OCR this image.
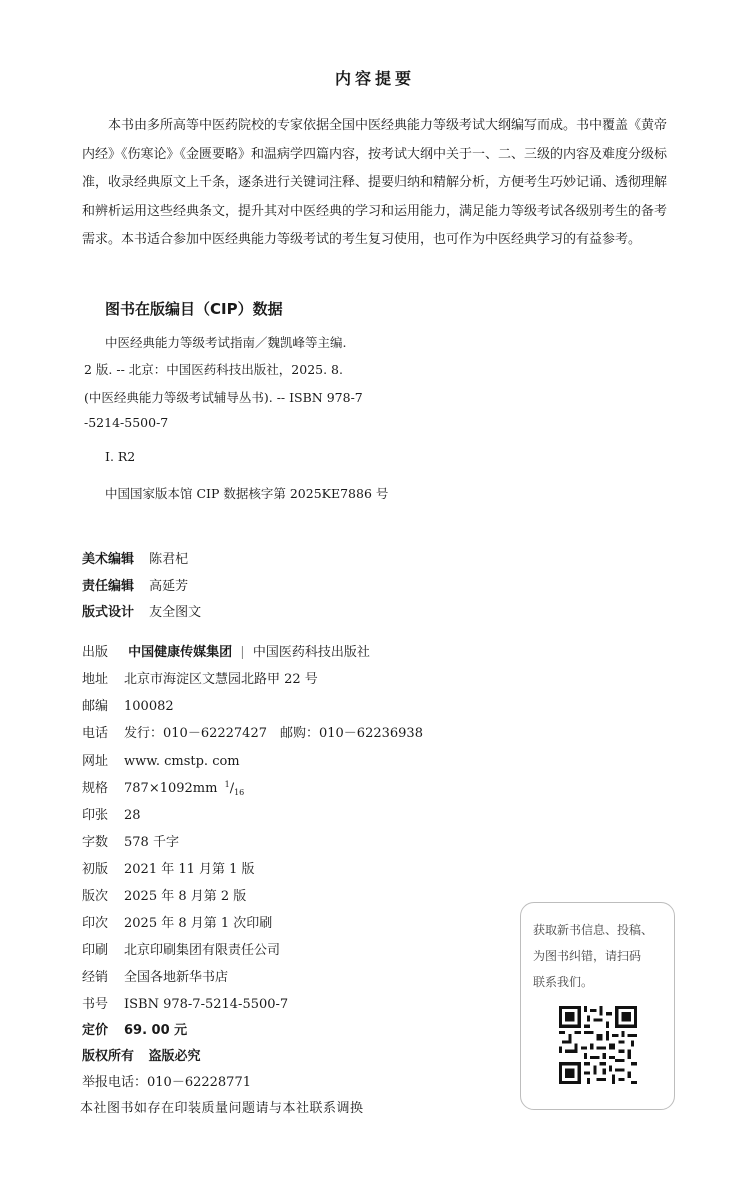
内容提要
本书由多所高等中医药院校的专家依据全国中医经典能力等级考试大纲编写而成。书中覆盖《黄帝
内经》《伤寒论》《金匮要略》和温病学四篇内容，按考试大纲中关于一、二、三级的内容及难度分级标
准，收录经典原文上千条，逐条进行关键词注释、提要归纳和精解分析，方便考生巧妙记诵、透彻理解
和辨析运用这些经典条文，提升其对中医经典的学习和运用能力，满足能力等级考试各级别考生的备考
需求。本书适合参加中医经典能力等级考试的考生复习使用，也可作为中医经典学习的有益参考。
图书在版编目（CIP）数据
中医经典能力等级考试指南／魏凯峰等主编.
2 版. -- 北京：中国医药科技出版社，2025. 8.
(中医经典能力等级考试辅导丛书). -- ISBN 978-7
-5214-5500-7
Ⅰ. R2
中国国家版本馆 CIP 数据核字第 2025KE7886 号
美术编辑 陈君杞
责任编辑 高延芳
版式设计 友全图文
出版 中国健康传媒集团 | 中国医药科技出版社
地址 北京市海淀区文慧园北路甲 22 号
邮编 100082
电话 发行：010－62227427　邮购：010－62236938
网址 www. cmstp. com
规格 787×1092mm $^1/_{16}$
印张 28
字数 578 千字
初版 2021 年 11 月第 1 版
版次 2025 年 8 月第 2 版
印次 2025 年 8 月第 1 次印刷
印刷 北京印刷集团有限责任公司
经销 全国各地新华书店
书号 ISBN 978-7-5214-5500-7
定价 69. 00 元
版权所有 盗版必究
举报电话：010－62228771
本社图书如存在印装质量问题请与本社联系调换
获取新书信息、投稿、
为图书纠错，请扫码
联系我们。
